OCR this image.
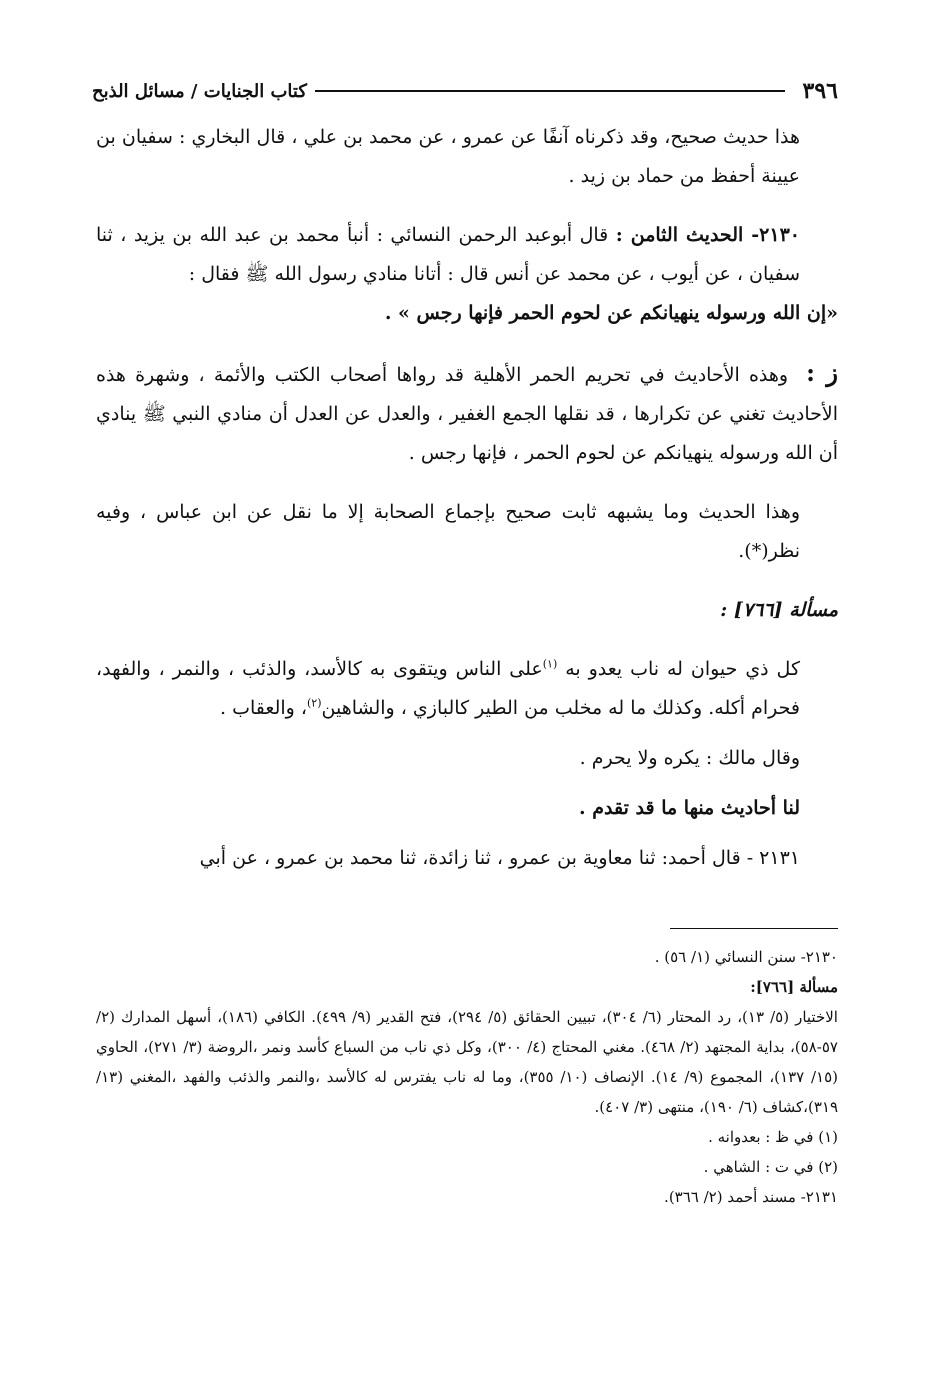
٣٩٦
كتاب الجنايات / مسائل الذبح

هذا حديث صحيح، وقد ذكرناه آنفًا عن عمرو ، عن محمد بن علي ، قال البخاري : سفيان بن عيينة أحفظ من حماد بن زيد .

٢١٣٠- الحديث الثامن : قال أبوعبد الرحمن النسائي : أنبأ محمد بن عبد الله بن يزيد ، ثنا سفيان ، عن أيوب ، عن محمد عن أنس قال : أتانا منادي رسول الله ﷺ فقال :

«إن الله ورسوله ينهيانكم عن لحوم الحمر فإنها رجس » .

ز :وهذه الأحاديث في تحريم الحمر الأهلية قد رواها أصحاب الكتب والأئمة ، وشهرة هذه الأحاديث تغني عن تكرارها ، قد نقلها الجمع الغفير ، والعدل عن العدل أن منادي النبي ﷺ ينادي أن الله ورسوله ينهيانكم عن لحوم الحمر ، فإنها رجس .

وهذا الحديث وما يشبهه ثابت صحيح بإجماع الصحابة إلا ما نقل عن ابن عباس ، وفيه نظر(*).

مسألة [٧٦٦] :

كل ذي حيوان له ناب يعدو به $^{(١)}$على الناس ويتقوى به كالأسد، والذئب ، والنمر ، والفهد، فحرام أكله. وكذلك ما له مخلب من الطير كالبازي ، والشاهين$^{(٢)}$، والعقاب .

وقال مالك : يكره ولا يحرم .

لنا أحاديث منها ما قد تقدم .

٢١٣١ - قال أحمد: ثنا معاوية بن عمرو ، ثنا زائدة، ثنا محمد بن عمرو ، عن أبي

٢١٣٠- سنن النسائي (١/ ٥٦) .

مسألة [٧٦٦]:

الاختيار (٥/ ١٣)، رد المحتار (٦/ ٣٠٤)، تبيين الحقائق (٥/ ٢٩٤)، فتح القدير (٩/ ٤٩٩). الكافي (١٨٦)، أسهل المدارك (٢/ ٥٧-٥٨)، بداية المجتهد (٢/ ٤٦٨). مغني المحتاج (٤/ ٣٠٠)، وكل ذي ناب من السباع كأسد ونمر ،الروضة (٣/ ٢٧١)، الحاوي (١٥/ ١٣٧)، المجموع (٩/ ١٤). الإنصاف (١٠/ ٣٥٥)، وما له ناب يفترس له كالأسد ،والنمر والذئب والفهد ،المغني (١٣/ ٣١٩)،كشاف (٦/ ١٩٠)، منتهى (٣/ ٤٠٧).

(١) في ظ : بعدوانه .

(٢) في ت : الشاهي .

٢١٣١- مسند أحمد (٢/ ٣٦٦).
